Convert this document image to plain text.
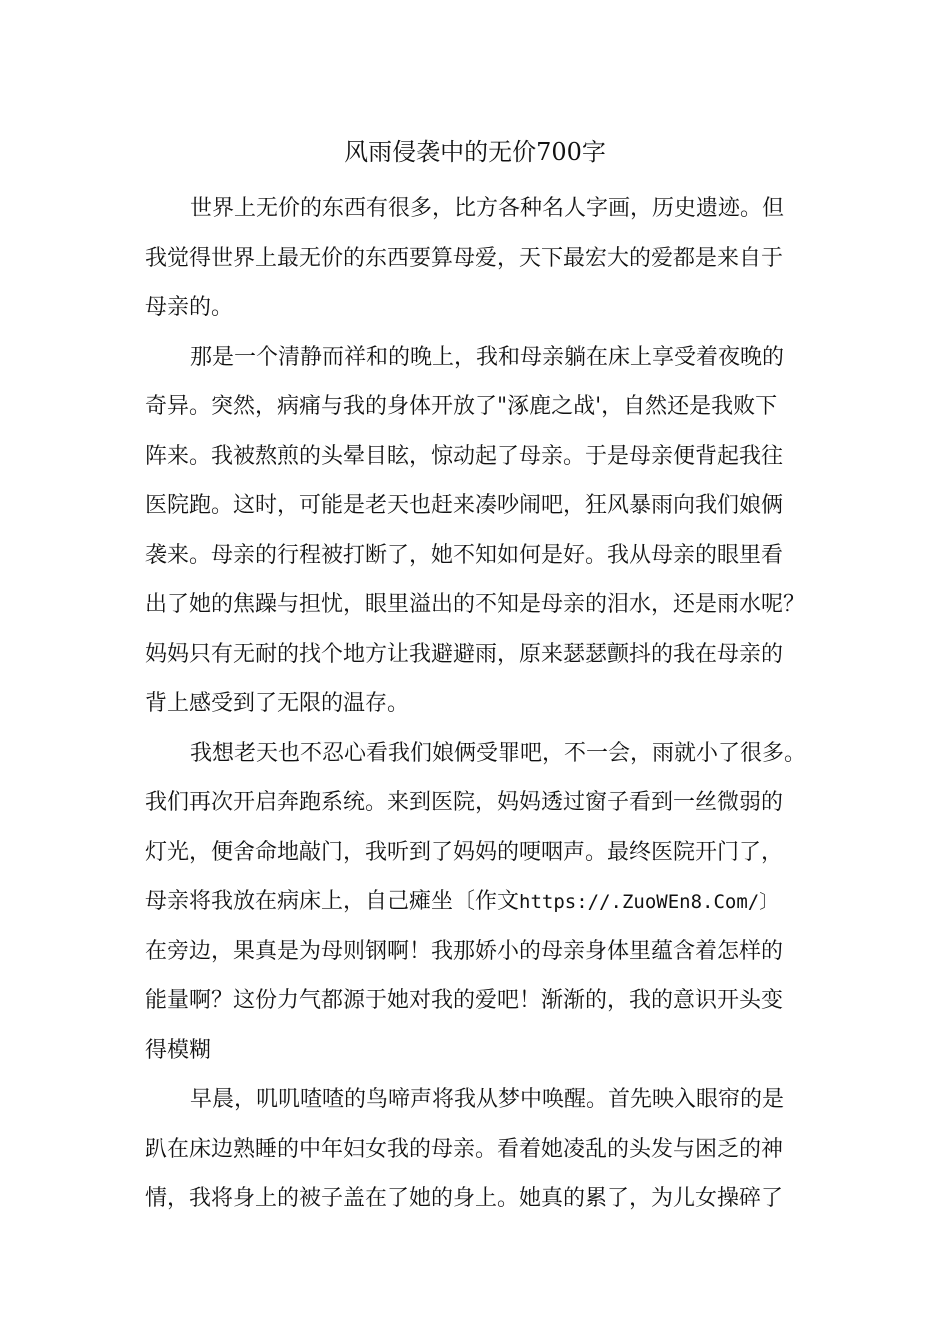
风雨侵袭中的无价700字
世界上无价的东西有很多，比方各种名人字画，历史遗迹。但
我觉得世界上最无价的东西要算母爱，天下最宏大的爱都是来自于
母亲的。
那是一个清静而祥和的晚上，我和母亲躺在床上享受着夜晚的
奇异。突然，病痛与我的身体开放了"涿鹿之战'，自然还是我败下
阵来。我被熬煎的头晕目眩，惊动起了母亲。于是母亲便背起我往
医院跑。这时，可能是老天也赶来凑吵闹吧，狂风暴雨向我们娘俩
袭来。母亲的行程被打断了，她不知如何是好。我从母亲的眼里看
出了她的焦躁与担忧，眼里溢出的不知是母亲的泪水，还是雨水呢？
妈妈只有无耐的找个地方让我避避雨，原来瑟瑟颤抖的我在母亲的
背上感受到了无限的温存。
我想老天也不忍心看我们娘俩受罪吧，不一会，雨就小了很多。
我们再次开启奔跑系统。来到医院，妈妈透过窗子看到一丝微弱的
灯光，便舍命地敲门，我听到了妈妈的哽咽声。最终医院开门了，
母亲将我放在病床上，自己瘫坐〔作文https://.ZuoWEn8.Com/〕
在旁边，果真是为母则钢啊！我那娇小的母亲身体里蕴含着怎样的
能量啊？这份力气都源于她对我的爱吧！渐渐的，我的意识开头变
得模糊
早晨，叽叽喳喳的鸟啼声将我从梦中唤醒。首先映入眼帘的是
趴在床边熟睡的中年妇女我的母亲。看着她凌乱的头发与困乏的神
情，我将身上的被子盖在了她的身上。她真的累了，为儿女操碎了
